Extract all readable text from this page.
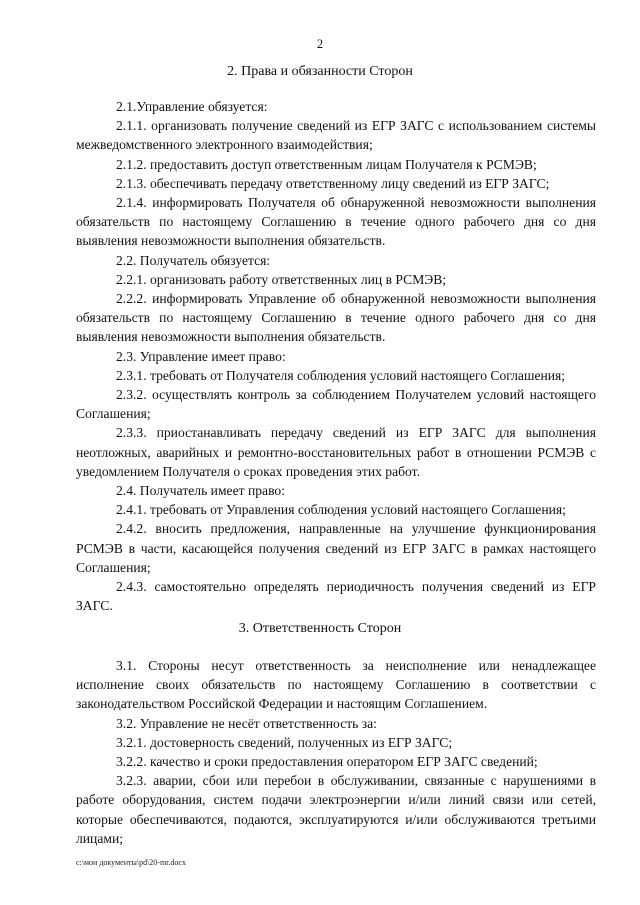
2
2. Права и обязанности Сторон

2.1.Управление обязуется:

2.1.1. организовать получение сведений из ЕГР ЗАГС с использованием системы межведомственного электронного взаимодействия;

2.1.2. предоставить доступ ответственным лицам Получателя к РСМЭВ;

2.1.3. обеспечивать передачу ответственному лицу сведений из ЕГР ЗАГС;

2.1.4. информировать Получателя об обнаруженной невозможности выполнения обязательств по настоящему Соглашению в течение одного рабочего дня со дня выявления невозможности выполнения обязательств.

2.2. Получатель обязуется:

2.2.1. организовать работу ответственных лиц в РСМЭВ;

2.2.2. информировать Управление об обнаруженной невозможности выполнения обязательств по настоящему Соглашению в течение одного рабочего дня со дня выявления невозможности выполнения обязательств.

2.3. Управление имеет право:

2.3.1. требовать от Получателя соблюдения условий настоящего Соглашения;

2.3.2. осуществлять контроль за соблюдением Получателем условий настоящего Соглашения;

2.3.3. приостанавливать передачу сведений из ЕГР ЗАГС для выполнения неотложных, аварийных и ремонтно-восстановительных работ в отношении РСМЭВ с уведомлением Получателя о сроках проведения этих работ.

2.4. Получатель имеет право:

2.4.1. требовать от Управления соблюдения условий настоящего Соглашения;

2.4.2. вносить предложения, направленные на улучшение функционирования РСМЭВ в части, касающейся получения сведений из ЕГР ЗАГС в рамках настоящего Соглашения;

2.4.3. самостоятельно определять периодичность получения сведений из ЕГР ЗАГС.

3. Ответственность Сторон

3.1. Стороны несут ответственность за неисполнение или ненадлежащее исполнение своих обязательств по настоящему Соглашению в соответствии с законодательством Российской Федерации и настоящим Соглашением.

3.2. Управление не несёт ответственность за:

3.2.1. достоверность сведений, полученных из ЕГР ЗАГС;

3.2.2. качество и сроки предоставления оператором ЕГР ЗАГС сведений;

3.2.3. аварии, сбои или перебои в обслуживании, связанные с нарушениями в работе оборудования, систем подачи электроэнергии и/или линий связи или сетей, которые обеспечиваются, подаются, эксплуатируются и/или обслуживаются третьими лицами;

c:\мои документы\pd\20-mr.docx
